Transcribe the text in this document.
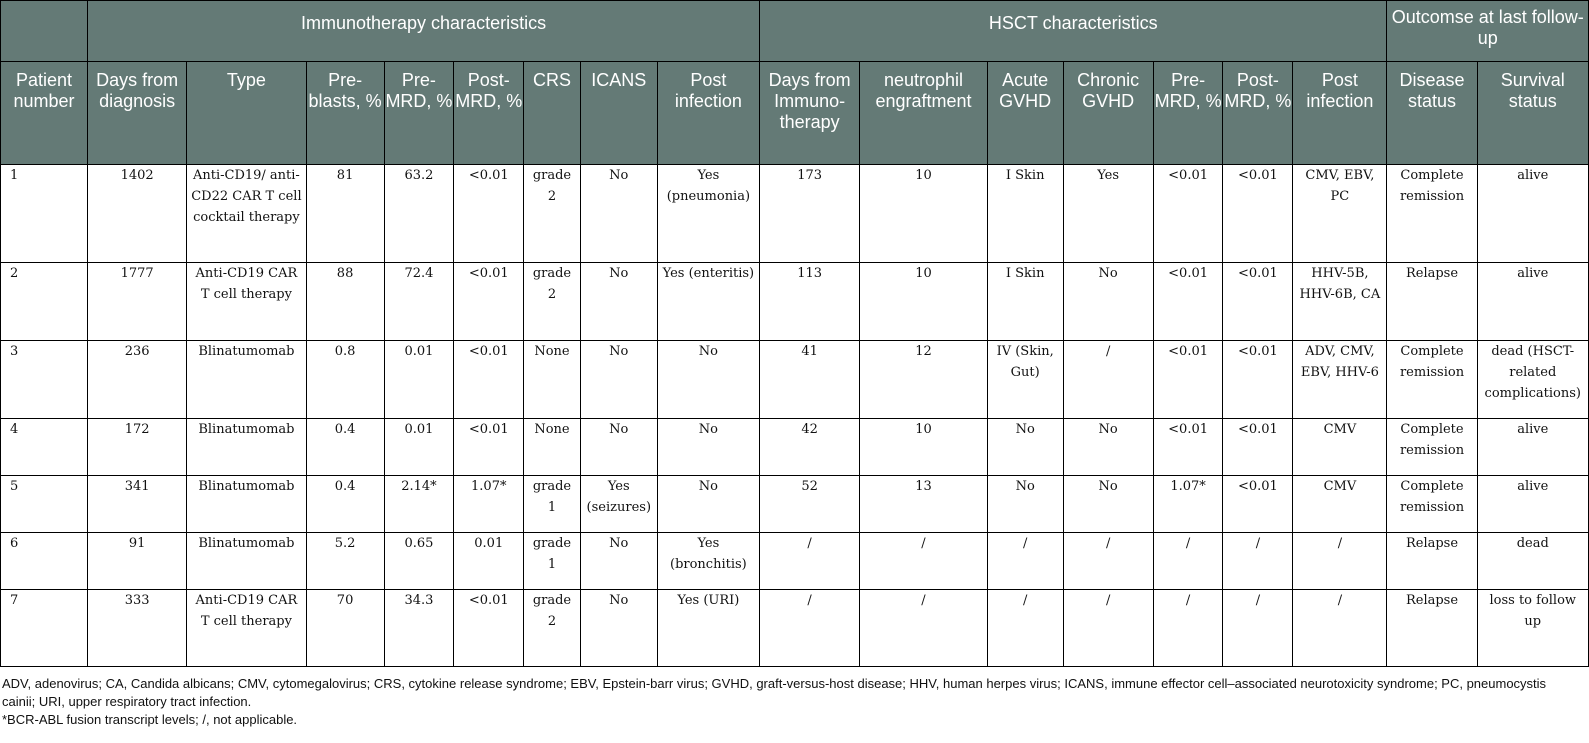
	Immunotherapy characteristics								HSCT characteristics							Outcomse at last follow-up	
Patient number	Days from diagnosis	Type	Pre-blasts, %	Pre-MRD, %	Post-MRD, %	CRS	ICANS	Post infection	Days from Immuno-therapy	neutrophil engraftment	Acute GVHD	Chronic GVHD	Pre-MRD, %	Post-MRD, %	Post infection	Disease status	Survival status

1	1402	Anti-CD19/ anti-CD22 CAR T cell cocktail therapy	81	63.2	<0.01	grade 2	No	Yes (pneumonia)	173	10	I Skin	Yes	<0.01	<0.01	CMV, EBV, PC	Complete remission	alive

2	1777	Anti-CD19 CAR T cell therapy	88	72.4	<0.01	grade 2	No	Yes (enteritis)	113	10	I Skin	No	<0.01	<0.01	HHV-5B, HHV-6B, CA	Relapse	alive

3	236	Blinatumomab	0.8	0.01	<0.01	None	No	No	41	12	IV (Skin, Gut)	/	<0.01	<0.01	ADV, CMV, EBV, HHV-6	Complete remission	dead (HSCT-related complications)

4	172	Blinatumomab	0.4	0.01	<0.01	None	No	No	42	10	No	No	<0.01	<0.01	CMV	Complete remission	alive

5	341	Blinatumomab	0.4	2.14*	1.07*	grade 1	Yes (seizures)	No	52	13	No	No	1.07*	<0.01	CMV	Complete remission	alive

6	91	Blinatumomab	5.2	0.65	0.01	grade 1	No	Yes (bronchitis)	/	/	/	/	/	/	/	Relapse	dead

7	333	Anti-CD19 CAR T cell therapy	70	34.3	<0.01	grade 2	No	Yes (URI)	/	/	/	/	/	/	/	Relapse	loss to follow up
ADV, adenovirus; CA, Candida albicans; CMV, cytomegalovirus; CRS, cytokine release syndrome; EBV, Epstein-barr virus; GVHD, graft-versus-host disease; HHV, human herpes virus; ICANS, immune effector cell–associated neurotoxicity syndrome; PC, pneumocystis cainii; URI, upper respiratory tract infection.
*BCR-ABL fusion transcript levels; /, not applicable.
